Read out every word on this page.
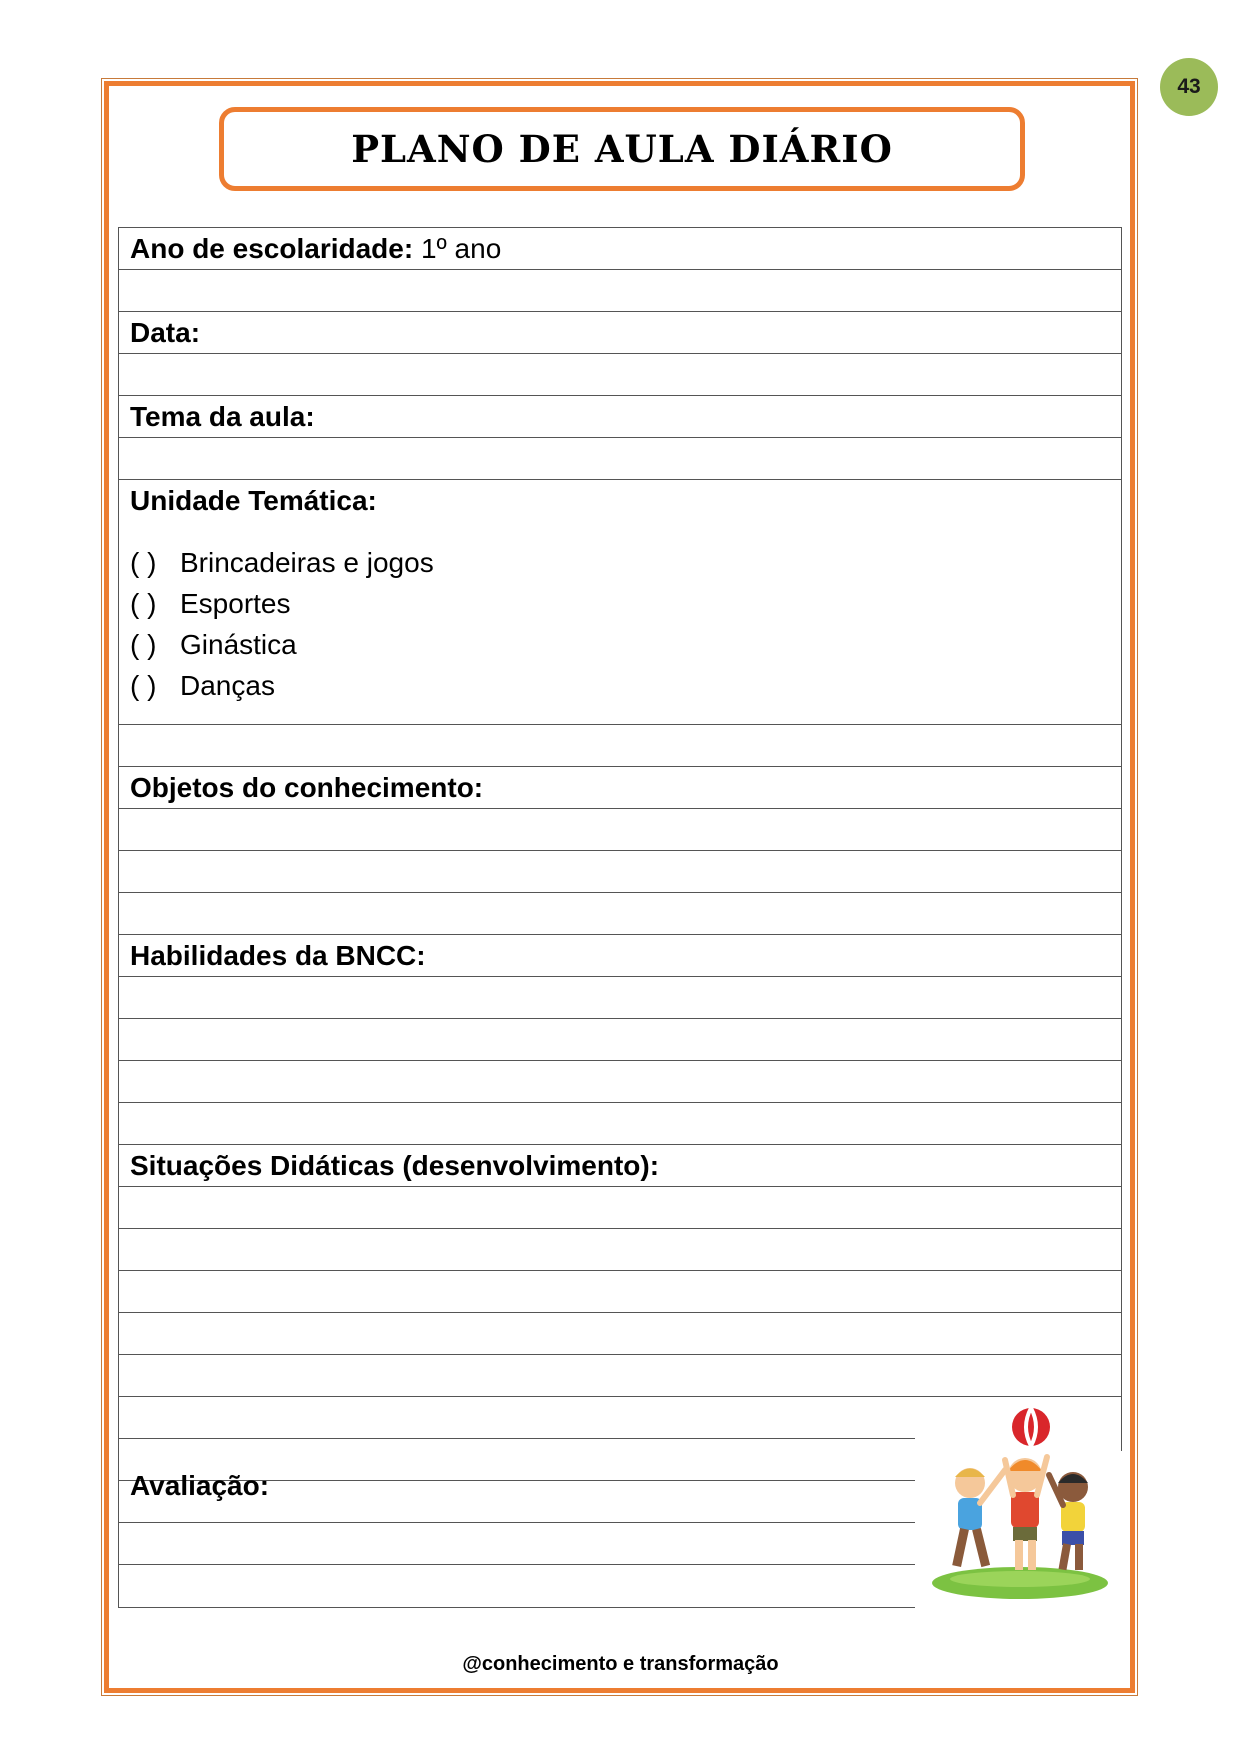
43
PLANO DE AULA DIÁRIO
Ano de escolaridade: 1º ano
Data:
Tema da aula:
Unidade Temática:
( ) Brincadeiras e jogos
( ) Esportes
( ) Ginástica
( ) Danças
Objetos do conhecimento:
Habilidades da BNCC:
Situações Didáticas (desenvolvimento):
Avaliação:
@conhecimento e transformação
